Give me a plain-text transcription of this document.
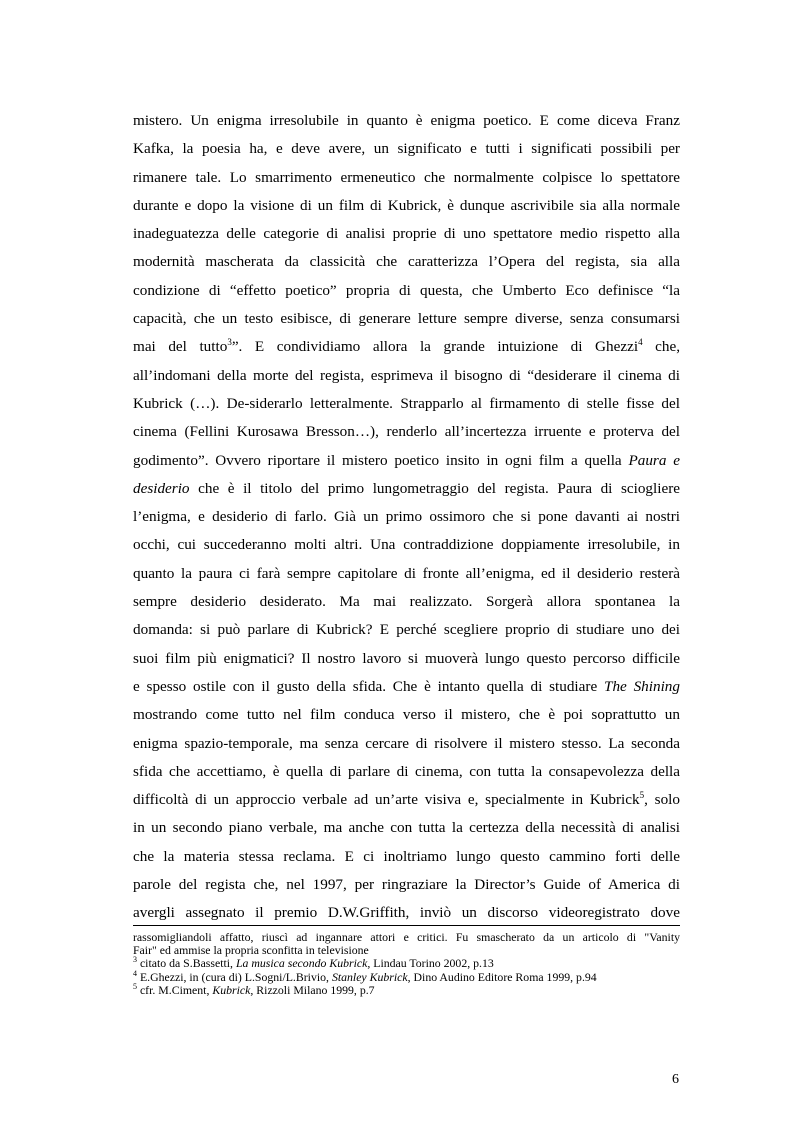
mistero. Un enigma irresolubile in quanto è enigma poetico. E come diceva Franz
Kafka, la poesia ha, e deve avere, un significato e tutti i significati possibili per
rimanere tale. Lo smarrimento ermeneutico che normalmente colpisce lo spettatore
durante e dopo la visione di un film di Kubrick, è dunque ascrivibile sia alla normale
inadeguatezza delle categorie di analisi proprie di uno spettatore medio rispetto alla
modernità mascherata da classicità che caratterizza l’Opera del regista, sia alla
condizione di “effetto poetico” propria di questa, che Umberto Eco definisce “la
capacità, che un testo esibisce, di generare letture sempre diverse, senza consumarsi
mai del tutto$^3$”. E condividiamo allora la grande intuizione di Ghezzi$^4$ che,
all’indomani della morte del regista, esprimeva il bisogno di “desiderare il cinema di
Kubrick (…). De-siderarlo letteralmente. Strapparlo al firmamento di stelle fisse del
cinema (Fellini Kurosawa Bresson…), renderlo all’incertezza irruente e proterva del
godimento”. Ovvero riportare il mistero poetico insito in ogni film a quella Paura e
desiderio che è il titolo del primo lungometraggio del regista. Paura di sciogliere
l’enigma, e desiderio di farlo. Già un primo ossimoro che si pone davanti ai nostri
occhi, cui succederanno molti altri. Una contraddizione doppiamente irresolubile, in
quanto la paura ci farà sempre capitolare di fronte all’enigma, ed il desiderio resterà
sempre desiderio desiderato. Ma mai realizzato. Sorgerà allora spontanea la
domanda: si può parlare di Kubrick? E perché scegliere proprio di studiare uno dei
suoi film più enigmatici? Il nostro lavoro si muoverà lungo questo percorso difficile
e spesso ostile con il gusto della sfida. Che è intanto quella di studiare The Shining
mostrando come tutto nel film conduca verso il mistero, che è poi soprattutto un
enigma spazio-temporale, ma senza cercare di risolvere il mistero stesso. La seconda
sfida che accettiamo, è quella di parlare di cinema, con tutta la consapevolezza della
difficoltà di un approccio verbale ad un’arte visiva e, specialmente in Kubrick$^5$, solo
in un secondo piano verbale, ma anche con tutta la certezza della necessità di analisi
che la materia stessa reclama. E ci inoltriamo lungo questo cammino forti delle
parole del regista che, nel 1997, per ringraziare la Director’s Guide of America di
avergli assegnato il premio D.W.Griffith, inviò un discorso videoregistrato dove
rassomigliandoli affatto, riuscì ad ingannare attori e critici. Fu smascherato da un articolo di "Vanity
Fair" ed ammise la propria sconfitta in televisione
$^3$ citato da S.Bassetti, La musica secondo Kubrick, Lindau Torino 2002, p.13
$^4$ E.Ghezzi, in (cura di) L.Sogni/L.Brivio, Stanley Kubrick, Dino Audino Editore Roma 1999, p.94
$^5$ cfr. M.Ciment, Kubrick, Rizzoli Milano 1999, p.7
6
